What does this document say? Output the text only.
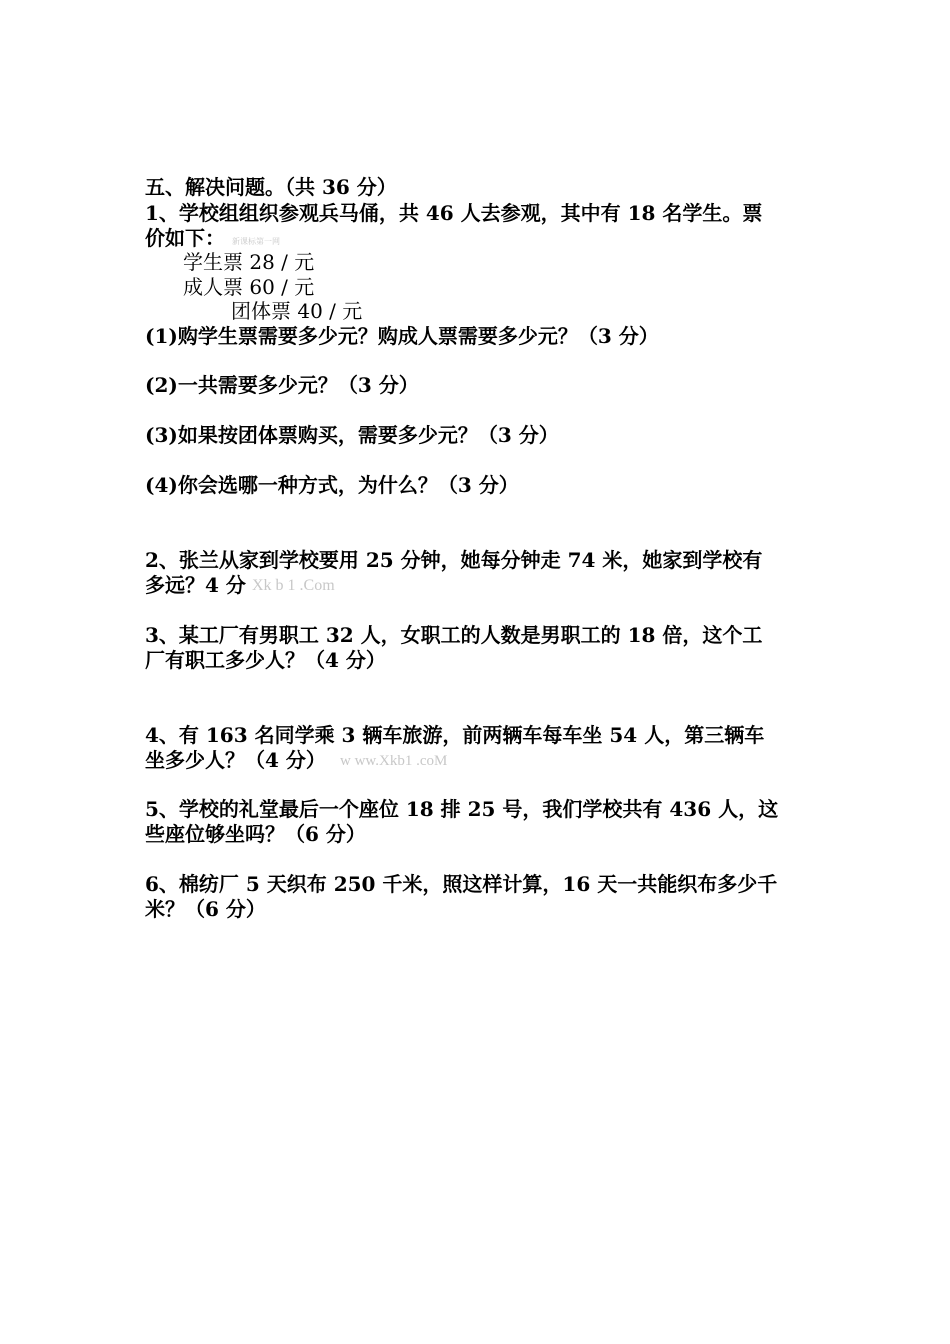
五、解决问题。（共 36 分）
1、学校组组织参观兵马俑，共 46 人去参观，其中有 18 名学生。票
价如下： 新课标第一网
学生票 28 / 元
成人票 60 / 元
团体票 40 / 元
(1)购学生票需要多少元？购成人票需要多少元？（3 分）
(2)一共需要多少元？（3 分）
(3)如果按团体票购买，需要多少元？（3 分）
(4)你会选哪一种方式，为什么？（3 分）
2、张兰从家到学校要用 25 分钟，她每分钟走 74 米，她家到学校有
多远？4 分 Xk b 1 .Com
3、某工厂有男职工 32 人，女职工的人数是男职工的 18 倍，这个工
厂有职工多少人？（4 分）
4、有 163 名同学乘 3 辆车旅游，前两辆车每车坐 54 人，第三辆车
坐多少人？（4 分） w ww.Xkb1 .coM
5、学校的礼堂最后一个座位 18 排 25 号，我们学校共有 436 人，这
些座位够坐吗？（6 分）
6、棉纺厂 5 天织布 250 千米，照这样计算，16 天一共能织布多少千
米？（6 分）
